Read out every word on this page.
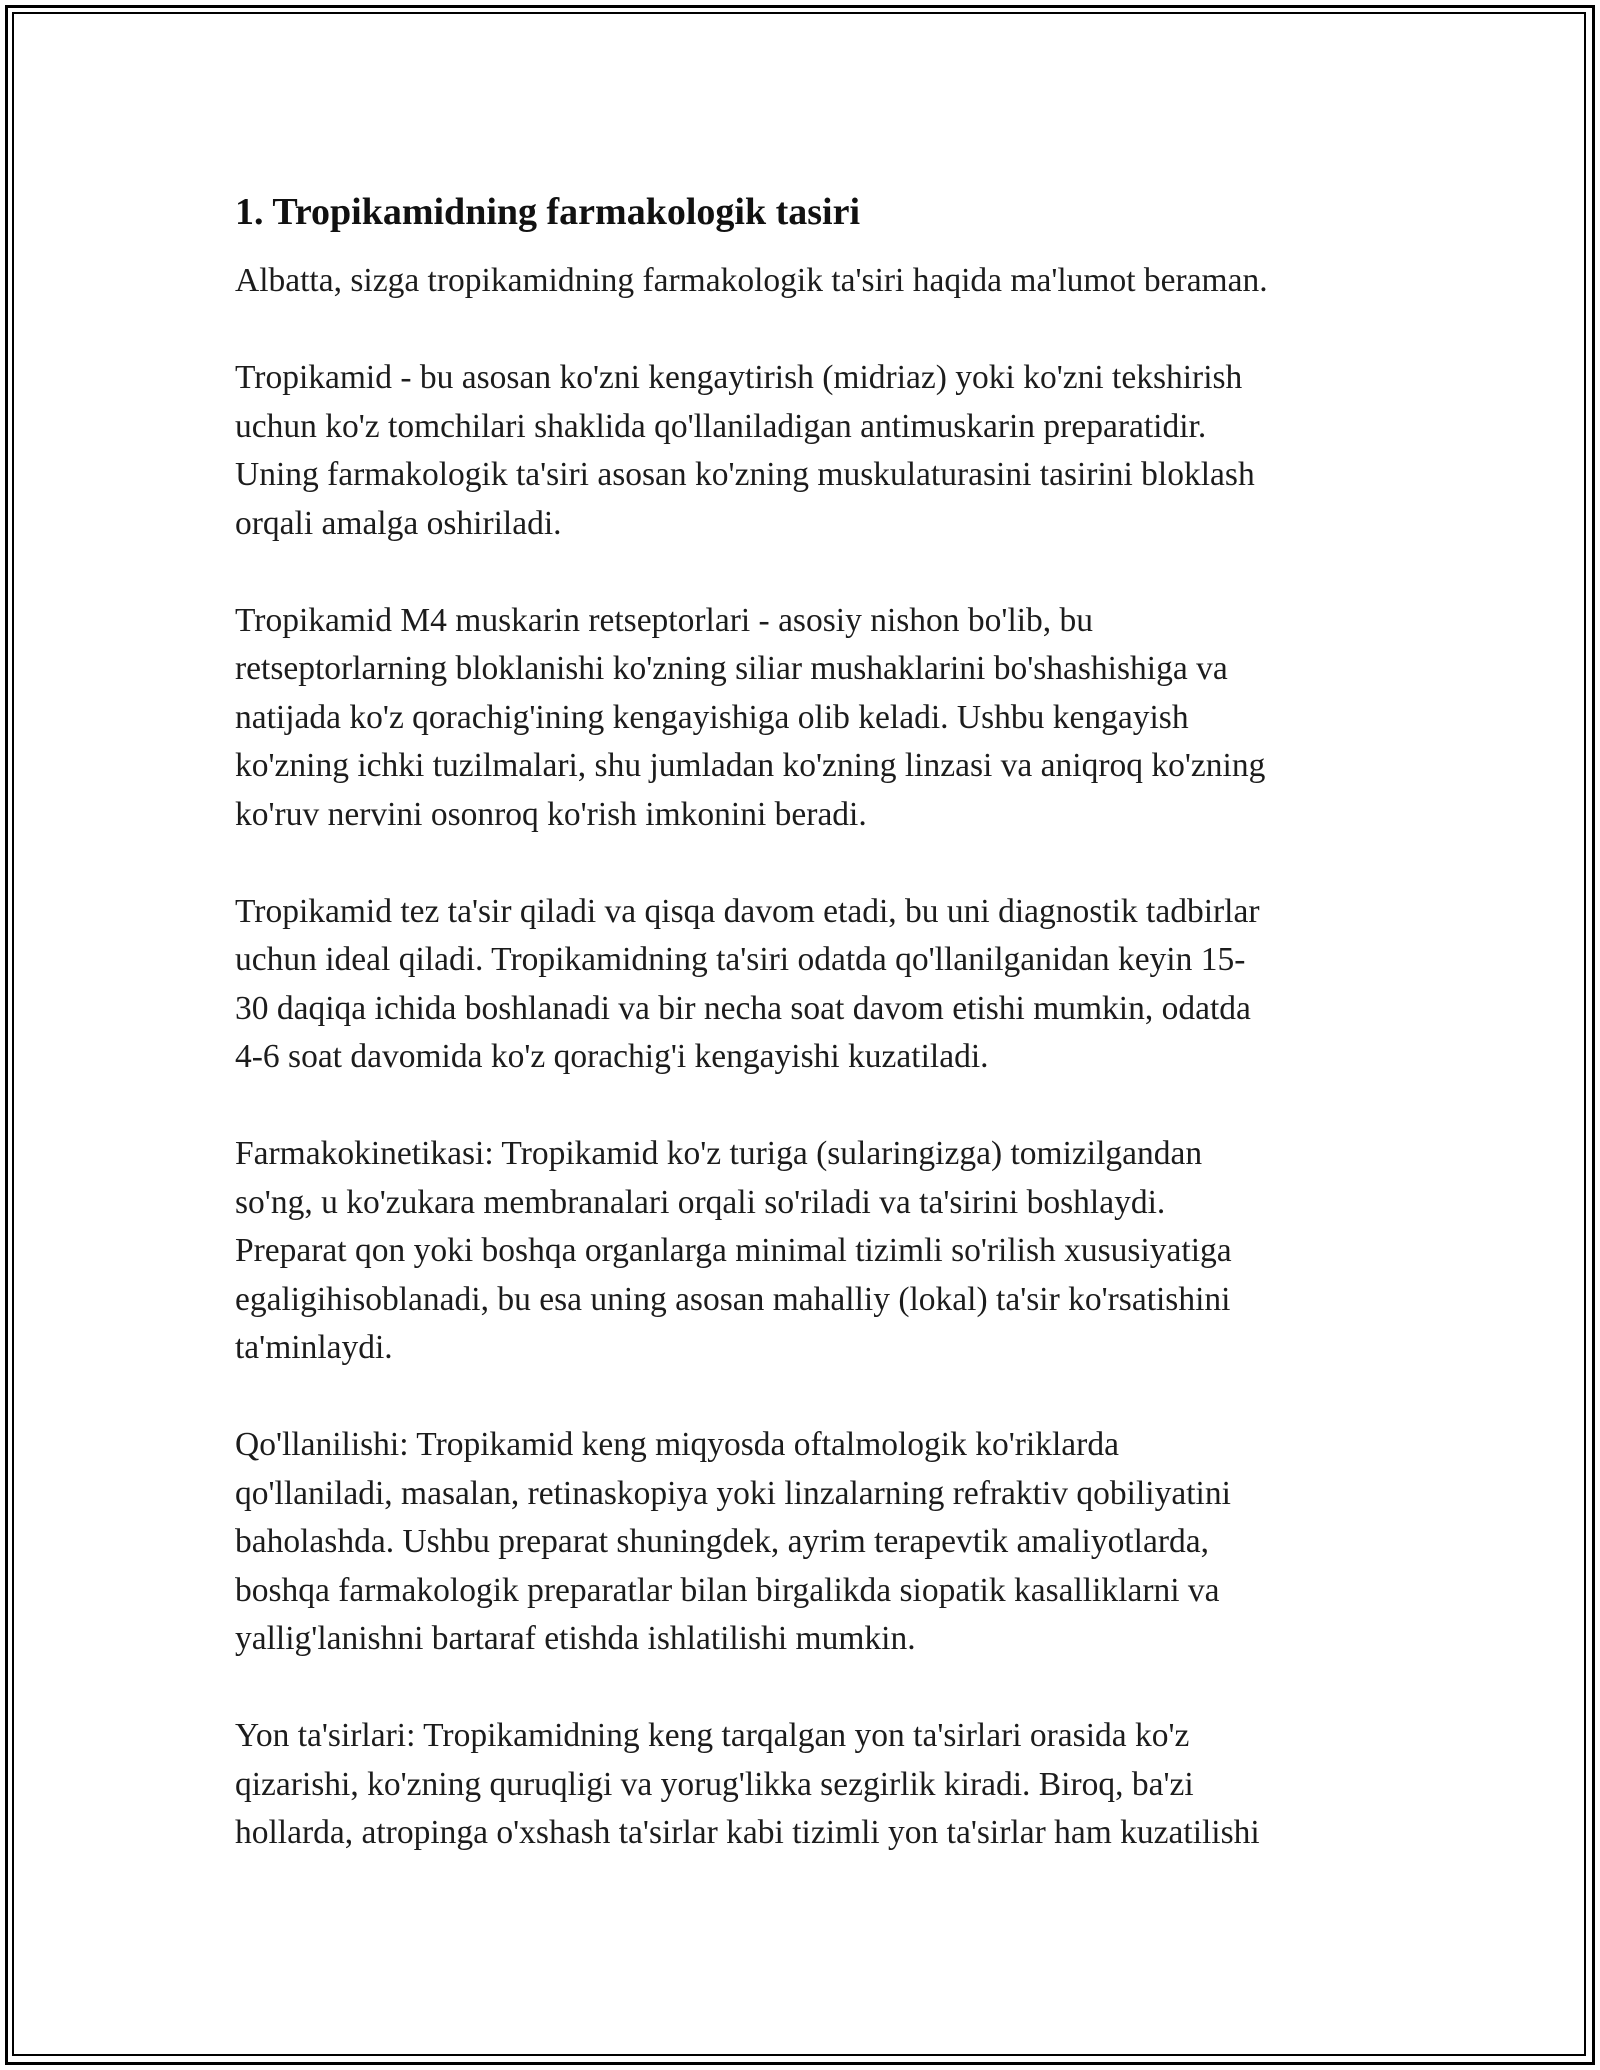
1. Tropikamidning farmakologik tasiri

Albatta, sizga tropikamidning farmakologik ta'siri haqida ma'lumot beraman.

Tropikamid - bu asosan ko'zni kengaytirish (midriaz) yoki ko'zni tekshirish
uchun ko'z tomchilari shaklida qo'llaniladigan antimuskarin preparatidir.
Uning farmakologik ta'siri asosan ko'zning muskulaturasini tasirini bloklash
orqali amalga oshiriladi.

Tropikamid M4 muskarin retseptorlari - asosiy nishon bo'lib, bu
retseptorlarning bloklanishi ko'zning siliar mushaklarini bo'shashishiga va
natijada ko'z qorachig'ining kengayishiga olib keladi. Ushbu kengayish
ko'zning ichki tuzilmalari, shu jumladan ko'zning linzasi va aniqroq ko'zning
ko'ruv nervini osonroq ko'rish imkonini beradi.

Tropikamid tez ta'sir qiladi va qisqa davom etadi, bu uni diagnostik tadbirlar
uchun ideal qiladi. Tropikamidning ta'siri odatda qo'llanilganidan keyin 15-
30 daqiqa ichida boshlanadi va bir necha soat davom etishi mumkin, odatda
4-6 soat davomida ko'z qorachig'i kengayishi kuzatiladi.

Farmakokinetikasi: Tropikamid ko'z turiga (sularingizga) tomizilgandan
so'ng, u ko'zukara membranalari orqali so'riladi va ta'sirini boshlaydi.
Preparat qon yoki boshqa organlarga minimal tizimli so'rilish xususiyatiga
egaligihisoblanadi, bu esa uning asosan mahalliy (lokal) ta'sir ko'rsatishini
ta'minlaydi.

Qo'llanilishi: Tropikamid keng miqyosda oftalmologik ko'riklarda
qo'llaniladi, masalan, retinaskopiya yoki linzalarning refraktiv qobiliyatini
baholashda. Ushbu preparat shuningdek, ayrim terapevtik amaliyotlarda,
boshqa farmakologik preparatlar bilan birgalikda siopatik kasalliklarni va
yallig'lanishni bartaraf etishda ishlatilishi mumkin.

Yon ta'sirlari: Tropikamidning keng tarqalgan yon ta'sirlari orasida ko'z
qizarishi, ko'zning quruqligi va yorug'likka sezgirlik kiradi. Biroq, ba'zi
hollarda, atropinga o'xshash ta'sirlar kabi tizimli yon ta'sirlar ham kuzatilishi
